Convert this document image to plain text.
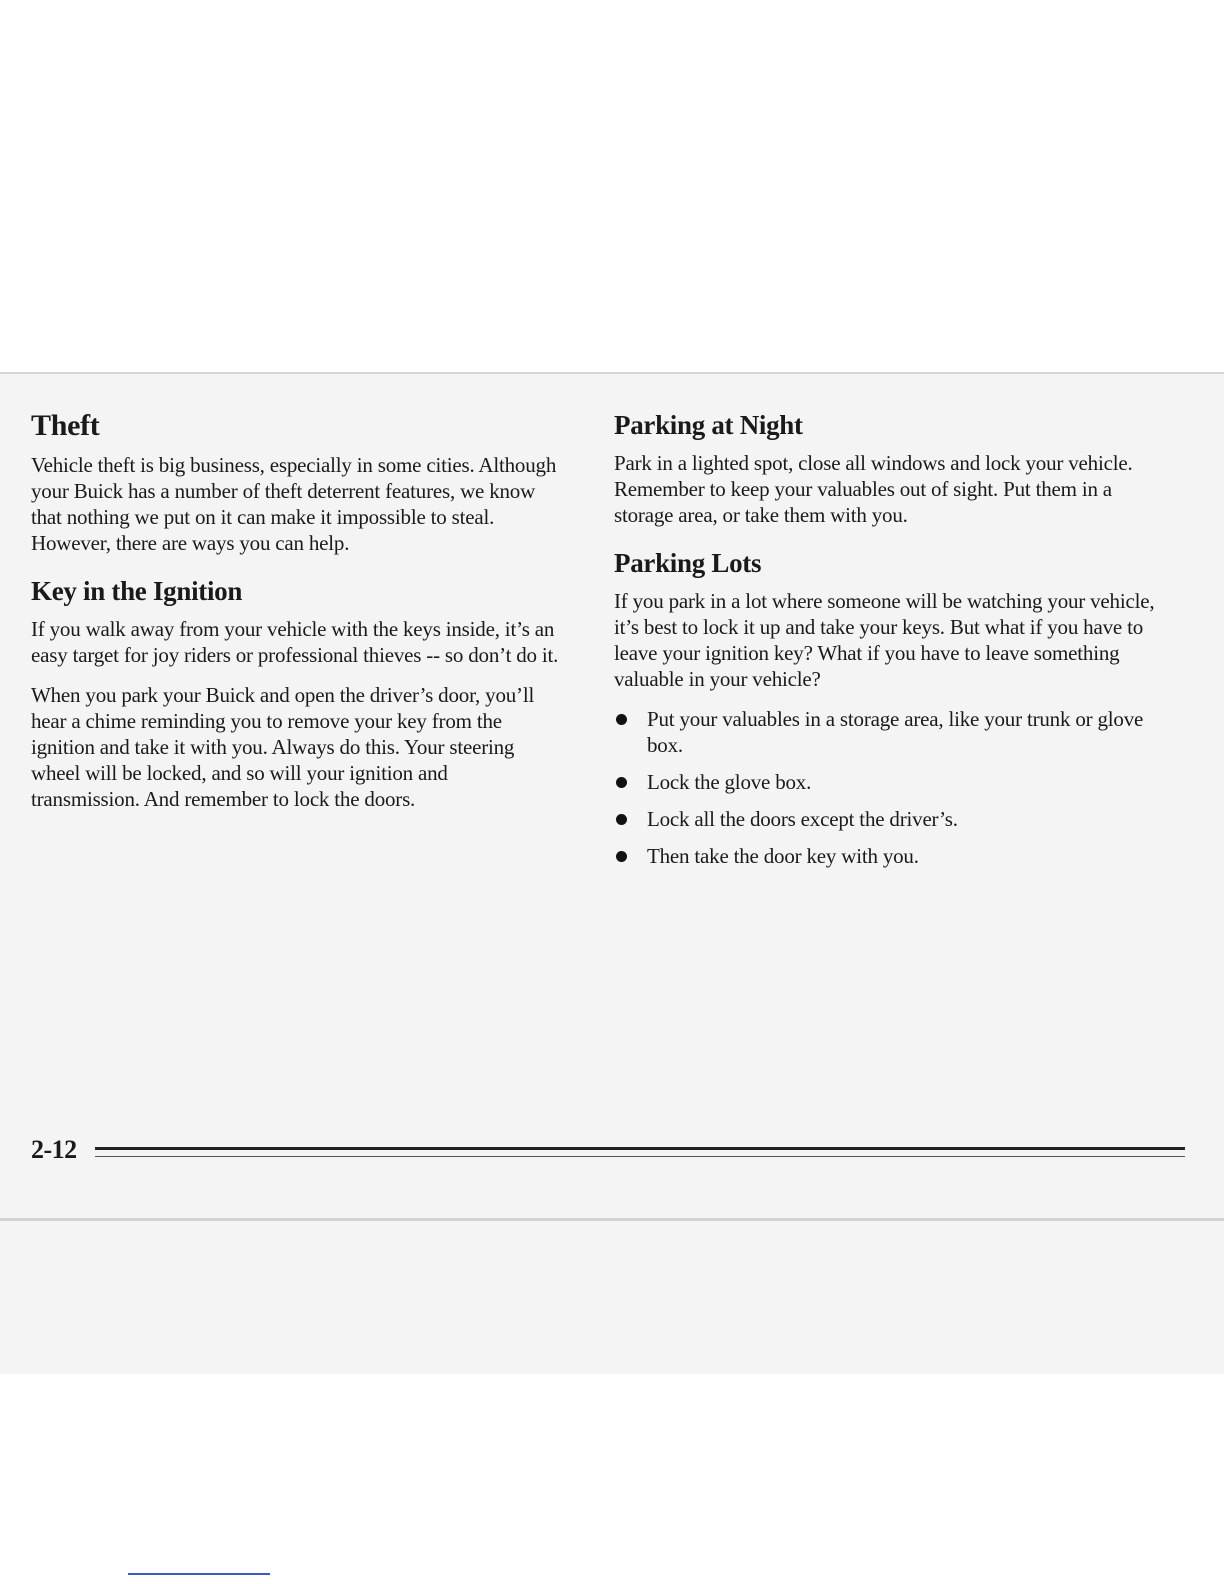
Theft

Vehicle theft is big business, especially in some cities. Although your Buick has a number of theft deterrent features, we know that nothing we put on it can make it impossible to steal. However, there are ways you can help.

Key in the Ignition

If you walk away from your vehicle with the keys inside, it’s an easy target for joy riders or professional thieves -- so don’t do it.

When you park your Buick and open the driver’s door, you’ll hear a chime reminding you to remove your key from the ignition and take it with you. Always do this. Your steering wheel will be locked, and so will your ignition and transmission. And remember to lock the doors.

Parking at Night

Park in a lighted spot, close all windows and lock your vehicle. Remember to keep your valuables out of sight. Put them in a storage area, or take them with you.

Parking Lots

If you park in a lot where someone will be watching your vehicle, it’s best to lock it up and take your keys. But what if you have to leave your ignition key? What if you have to leave something valuable in your vehicle?

Put your valuables in a storage area, like your trunk or glove box.
Lock the glove box.
Lock all the doors except the driver’s.
Then take the door key with you.
2-12
